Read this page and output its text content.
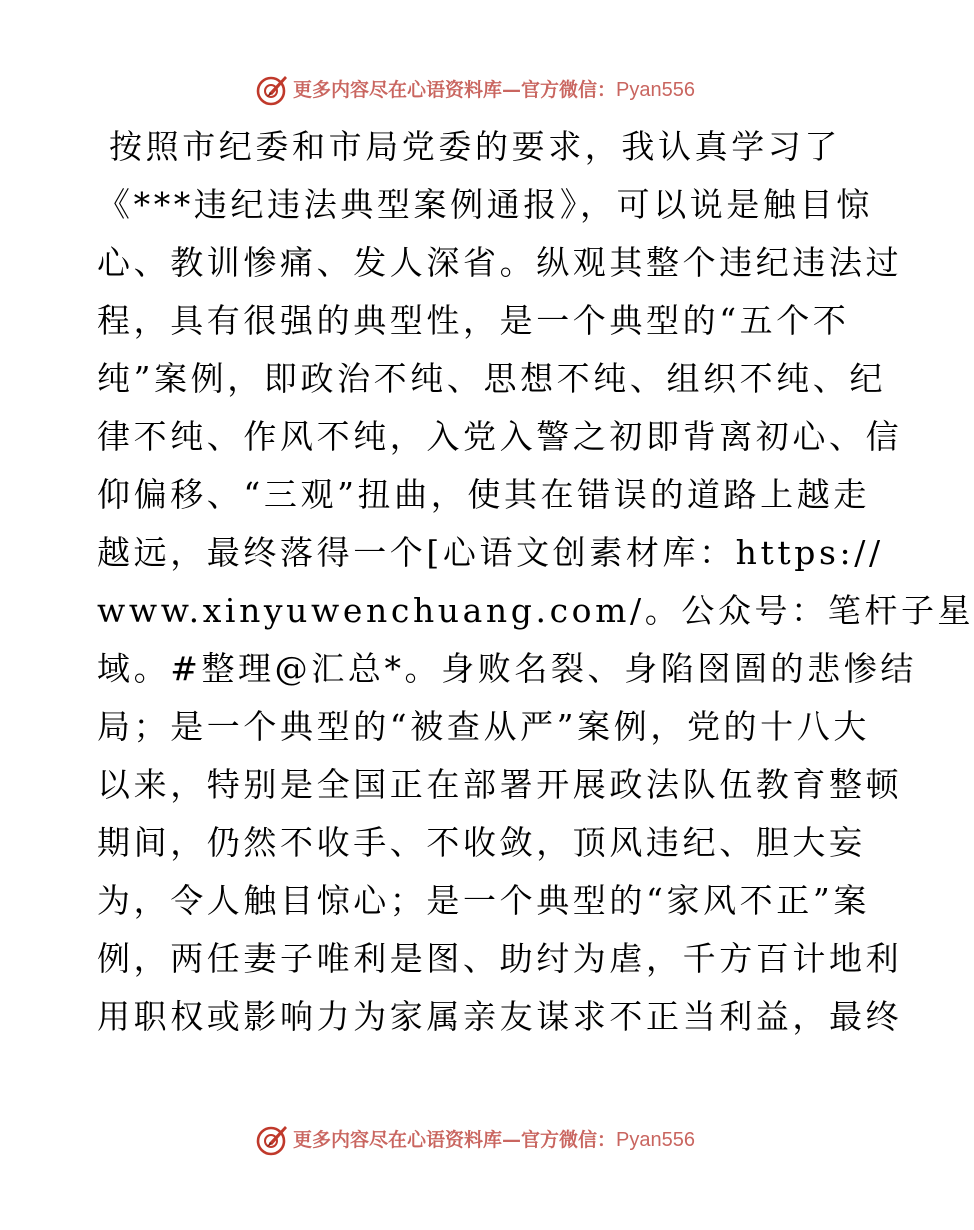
更多内容尽在心语资料库— 官方微信： Pyan556
按照市纪委和市局党委的要求，我认真学习了
《***违纪违法典型案例通报》，可以说是触目惊
心、教训惨痛、发人深省。纵观其整个违纪违法过
程，具有很强的典型性，是一个典型的“五个不
纯”案例，即政治不纯、思想不纯、组织不纯、纪
律不纯、作风不纯，入党入警之初即背离初心、信
仰偏移、“三观”扭曲，使其在错误的道路上越走
越远，最终落得一个[心语文创素材库：https://
www.xinyuwenchuang.com/。公众号：笔杆子星
域。#整理@汇总*。身败名裂、身陷囹圄的悲惨结
局；是一个典型的“被查从严”案例，党的十八大
以来，特别是全国正在部署开展政法队伍教育整顿
期间，仍然不收手、不收敛，顶风违纪、胆大妄
为，令人触目惊心；是一个典型的“家风不正”案
例，两任妻子唯利是图、助纣为虐，千方百计地利
用职权或影响力为家属亲友谋求不正当利益，最终
更多内容尽在心语资料库— 官方微信： Pyan556
